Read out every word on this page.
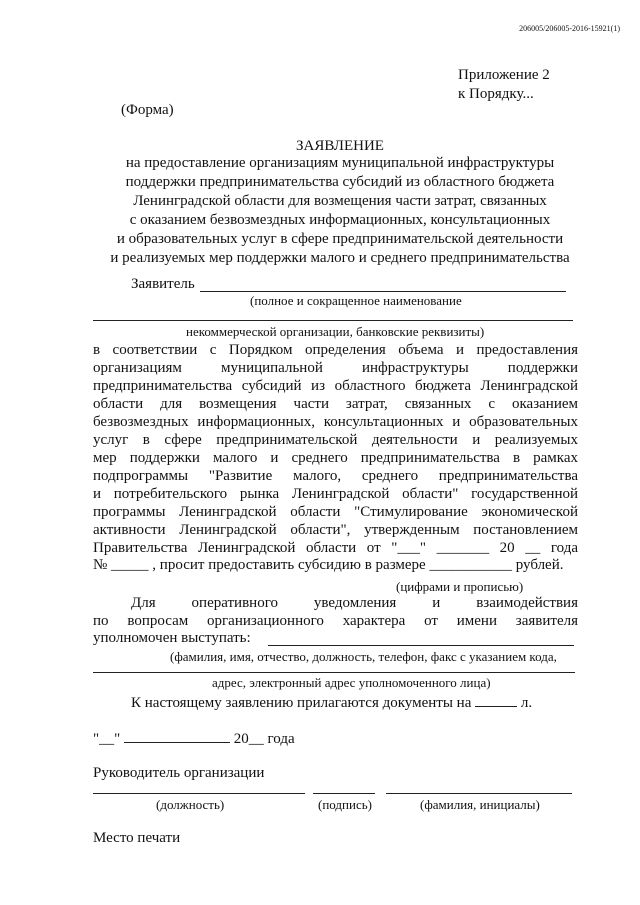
206005/206005-2016-15921(1)
Приложение 2
к Порядку...
(Форма)
ЗАЯВЛЕНИЕ
на предоставление организациям муниципальной инфраструктуры
поддержки предпринимательства субсидий из областного бюджета
Ленинградской области для возмещения части затрат, связанных
с оказанием безвозмездных информационных, консультационных
и образовательных услуг в сфере предпринимательской деятельности
и реализуемых мер поддержки малого и среднего предпринимательства
Заявитель
(полное и сокращенное наименование
некоммерческой организации, банковские реквизиты)
в соответствии с Порядком определения объема и предоставления
организациям муниципальной инфраструктуры поддержки
предпринимательства субсидий из областного бюджета Ленинградской
области для возмещения части затрат, связанных с оказанием
безвозмездных информационных, консультационных и образовательных
услуг в сфере предпринимательской деятельности и реализуемых
мер поддержки малого и среднего предпринимательства в рамках
подпрограммы "Развитие малого, среднего предпринимательства
и потребительского рынка Ленинградской области" государственной
программы Ленинградской области "Стимулирование экономической
активности Ленинградской области", утвержденным постановлением
Правительства Ленинградской области от "___" _______ 20 __ года
№ _____ , просит предоставить субсидию в размере ___________ рублей.
(цифрами и прописью)
Для оперативного уведомления и взаимодействия
по вопросам организационного характера от имени заявителя
уполномочен выступать:
(фамилия, имя, отчество, должность, телефон, факс с указанием кода,
адрес, электронный адрес уполномоченного лица)
К настоящему заявлению прилагаются документы на	л.
"__"	20__ года
Руководитель организации
(должность)	(подпись)	(фамилия, инициалы)
Место печати
